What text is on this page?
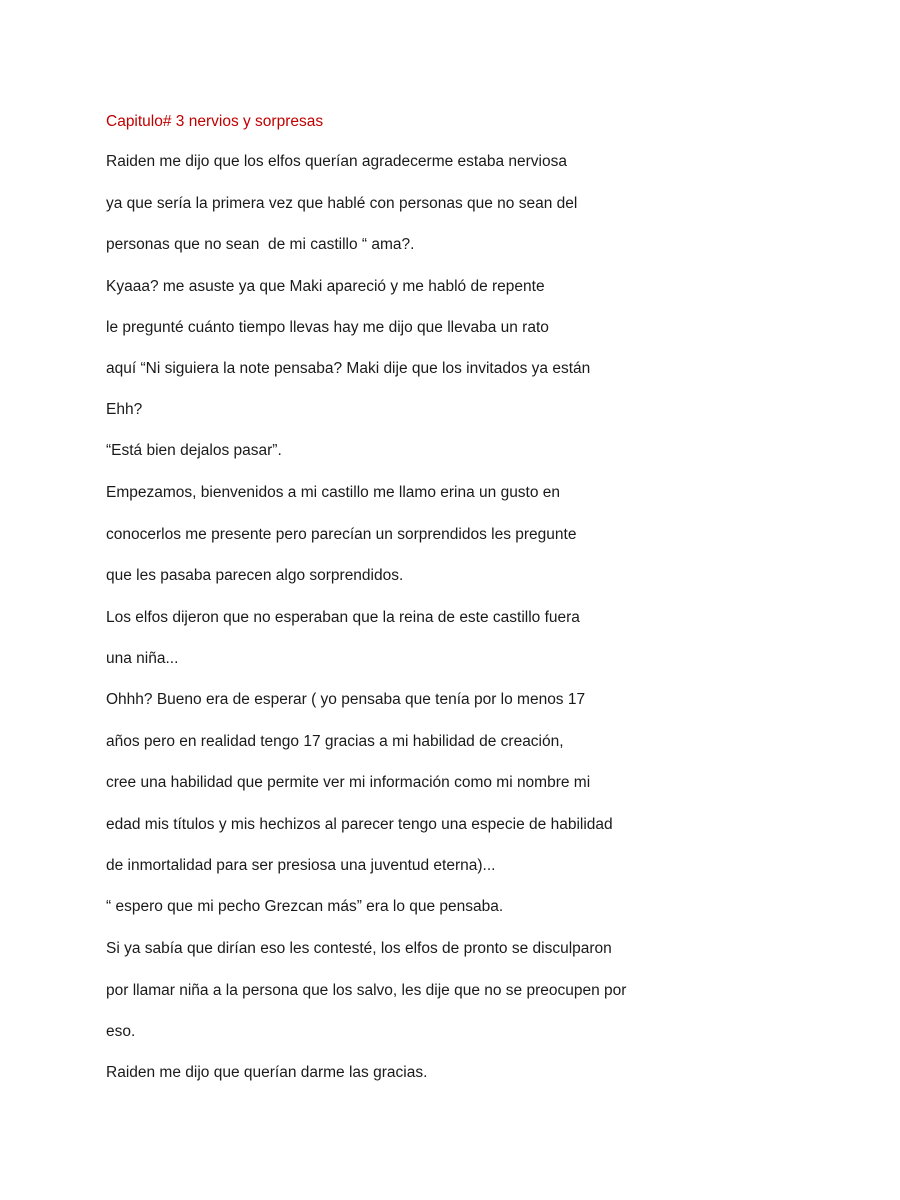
Capitulo# 3 nervios y sorpresas
Raiden me dijo que los elfos querían agradecerme estaba nerviosa
ya que sería la primera vez que hablé con personas que no sean del
personas que no sean  de mi castillo “ ama?.
Kyaaa? me asuste ya que Maki apareció y me habló de repente
le pregunté cuánto tiempo llevas hay me dijo que llevaba un rato
aquí “Ni siguiera la note pensaba? Maki dije que los invitados ya están
Ehh?
“Está bien dejalos pasar”.
Empezamos, bienvenidos a mi castillo me llamo erina un gusto en
conocerlos me presente pero parecían un sorprendidos les pregunte
que les pasaba parecen algo sorprendidos.
Los elfos dijeron que no esperaban que la reina de este castillo fuera
una niña...
Ohhh? Bueno era de esperar ( yo pensaba que tenía por lo menos 17
años pero en realidad tengo 17 gracias a mi habilidad de creación,
cree una habilidad que permite ver mi información como mi nombre mi
edad mis títulos y mis hechizos al parecer tengo una especie de habilidad
de inmortalidad para ser presiosa una juventud eterna)...
“ espero que mi pecho Grezcan más” era lo que pensaba.
Si ya sabía que dirían eso les contesté, los elfos de pronto se disculparon
por llamar niña a la persona que los salvo, les dije que no se preocupen por
eso.
Raiden me dijo que querían darme las gracias.
